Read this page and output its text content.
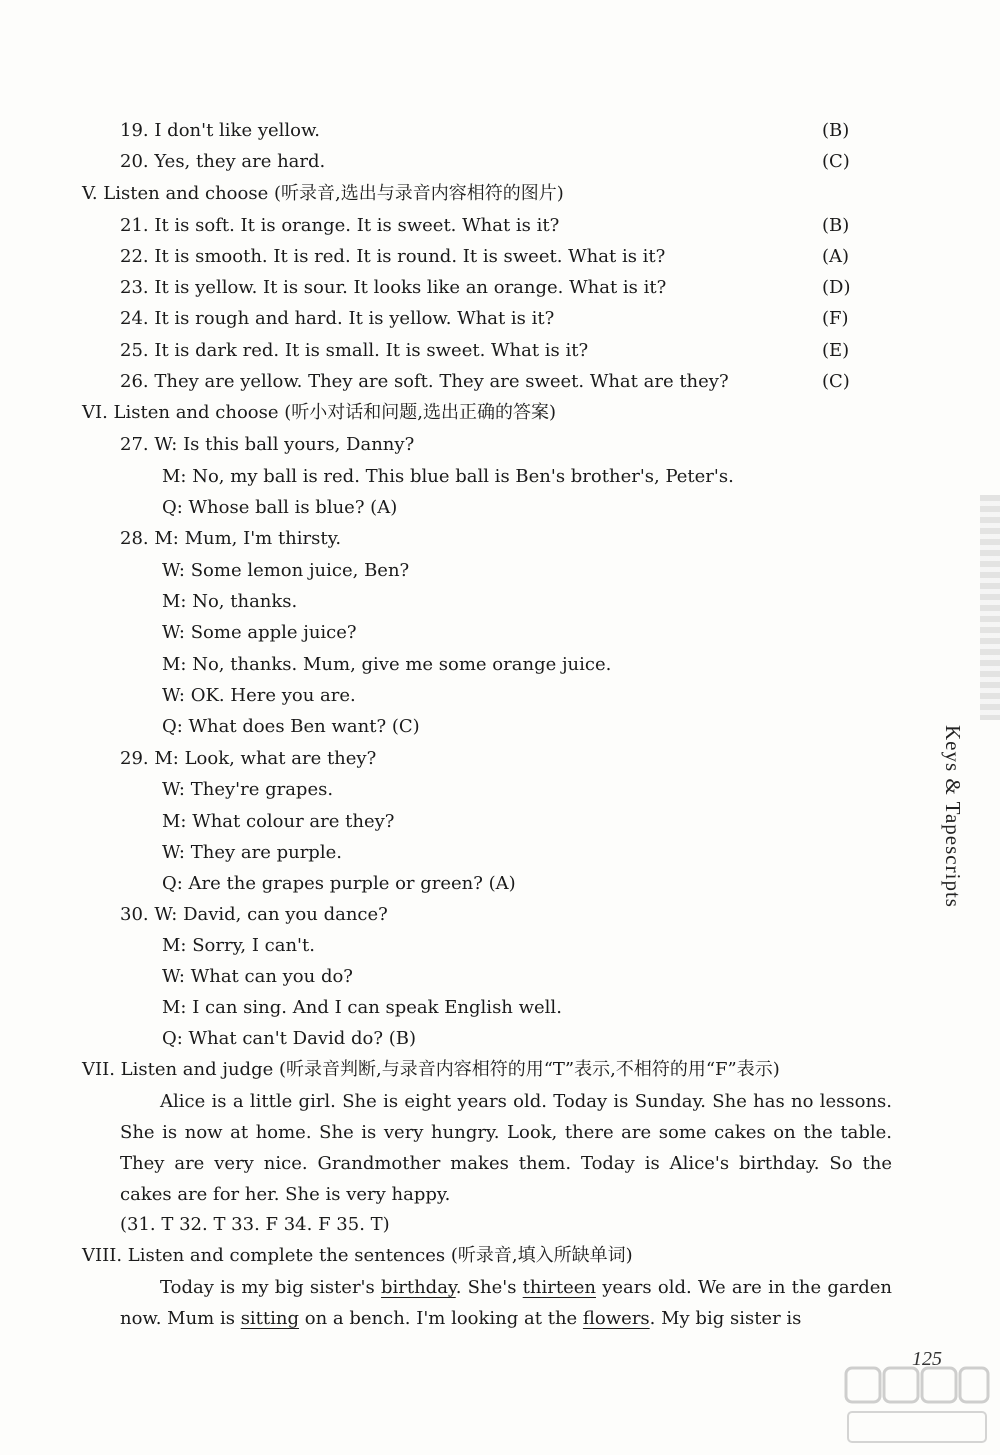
19. I don't like yellow.	(B)
20. Yes, they are hard.	(C)
V. Listen and choose (听录音,选出与录音内容相符的图片)
21. It is soft. It is orange. It is sweet. What is it?	(B)
22. It is smooth. It is red. It is round. It is sweet. What is it?	(A)
23. It is yellow. It is sour. It looks like an orange. What is it?	(D)
24. It is rough and hard. It is yellow. What is it?	(F)
25. It is dark red. It is small. It is sweet. What is it?	(E)
26. They are yellow. They are soft. They are sweet. What are they?	(C)
VI. Listen and choose (听小对话和问题,选出正确的答案)
27. W: Is this ball yours, Danny?
M: No, my ball is red. This blue ball is Ben's brother's, Peter's.
Q: Whose ball is blue? (A)
28. M: Mum, I'm thirsty.
W: Some lemon juice, Ben?
M: No, thanks.
W: Some apple juice?
M: No, thanks. Mum, give me some orange juice.
W: OK. Here you are.
Q: What does Ben want? (C)
29. M: Look, what are they?
W: They're grapes.
M: What colour are they?
W: They are purple.
Q: Are the grapes purple or green? (A)
30. W: David, can you dance?
M: Sorry, I can't.
W: What can you do?
M: I can sing. And I can speak English well.
Q: What can't David do? (B)
VII. Listen and judge (听录音判断,与录音内容相符的用“T”表示,不相符的用“F”表示)
Alice is a little girl. She is eight years old. Today is Sunday. She has no lessons. She is now at home. She is very hungry. Look, there are some cakes on the table. They are very nice. Grandmother makes them. Today is Alice's birthday. So the cakes are for her. She is very happy.
(31. T 32. T 33. F 34. F 35. T)
VIII. Listen and complete the sentences (听录音,填入所缺单词)
Today is my big sister's birthday. She's thirteen years old. We are in the garden now. Mum is sitting on a bench. I'm looking at the flowers. My big sister is
Keys & Tapescripts
125
